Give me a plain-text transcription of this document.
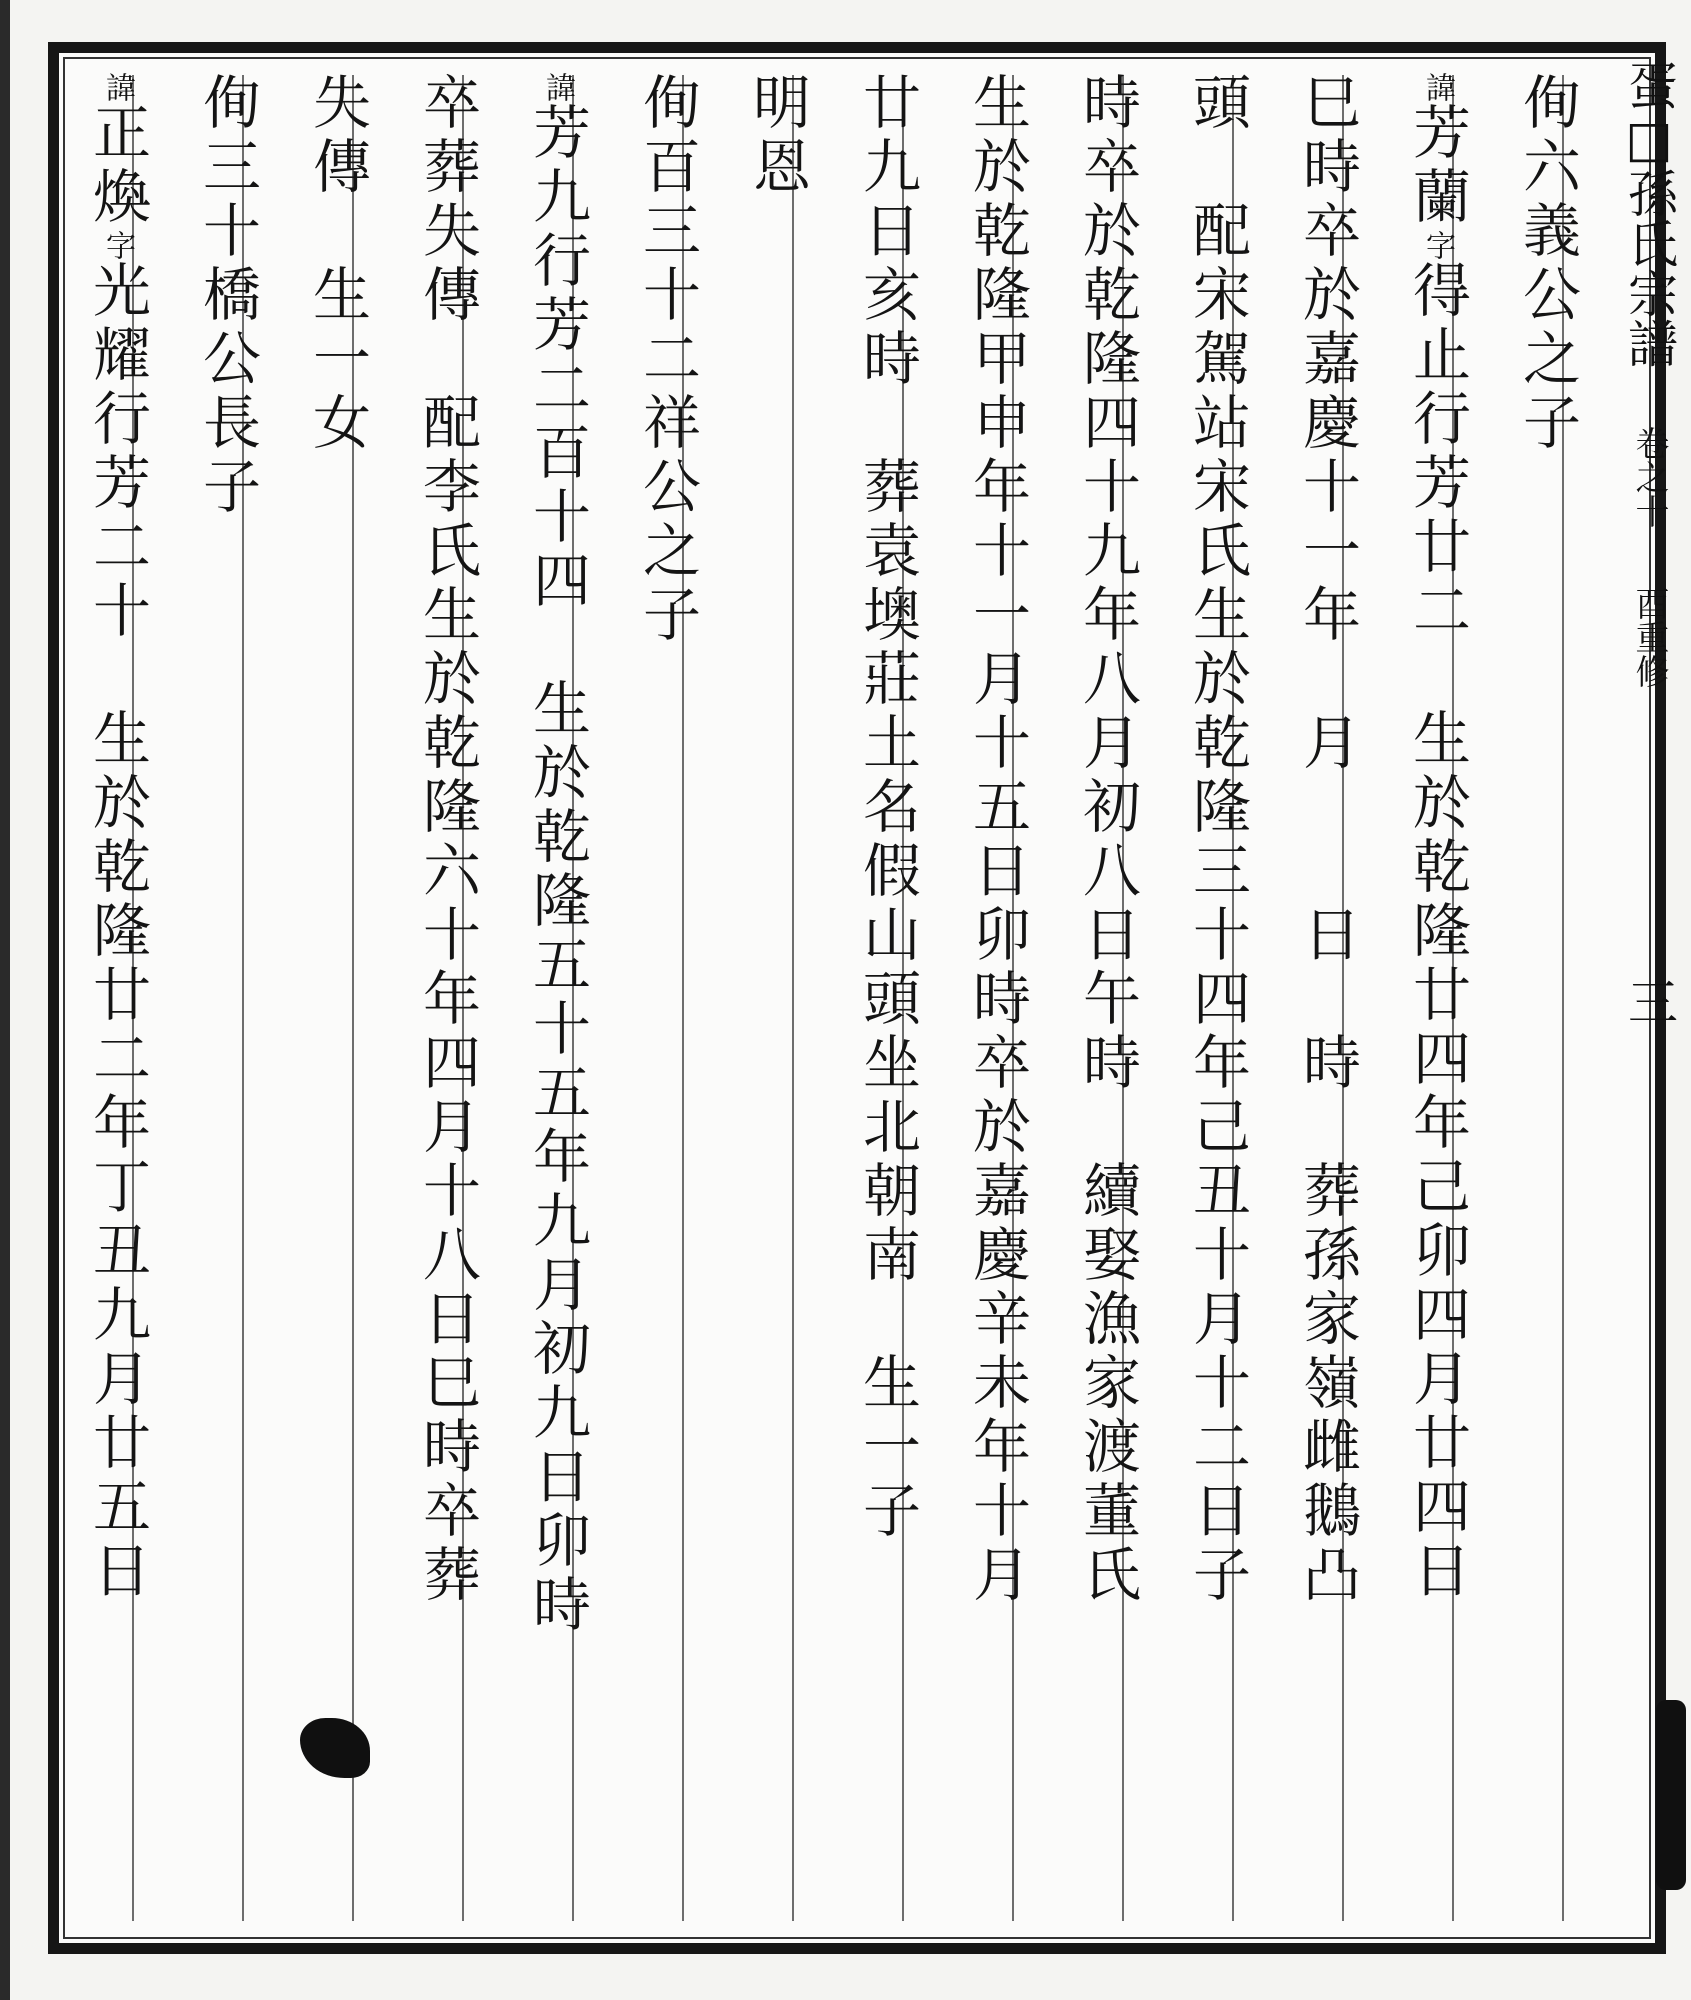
蛋□孫氏宗譜 卷之十 酉重修 三
侚六義公之子
諱芳蘭字得止行芳廿二　生於乾隆廿四年己卯四月廿四日
巳時卒於嘉慶十一年　月　　日　時　葬孫家嶺雌鵝凸
頭　配宋駕站宋氏生於乾隆三十四年己丑十月十二日子
時卒於乾隆四十九年八月初八日午時　續娶漁家渡董氏
生於乾隆甲申年十一月十五日卯時卒於嘉慶辛未年十月
廿九日亥時　葬袁墺莊土名假山頭坐北朝南　生一子
明恩
侚百三十二祥公之子
諱芳九行芳二百十四　生於乾隆五十五年九月初九日卯時
卒葬失傳　配李氏生於乾隆六十年四月十八日巳時卒葬
失傳　生一女
侚三十橋公長子
諱正煥字光耀行芳二十　生於乾隆廿二年丁丑九月廿五日
